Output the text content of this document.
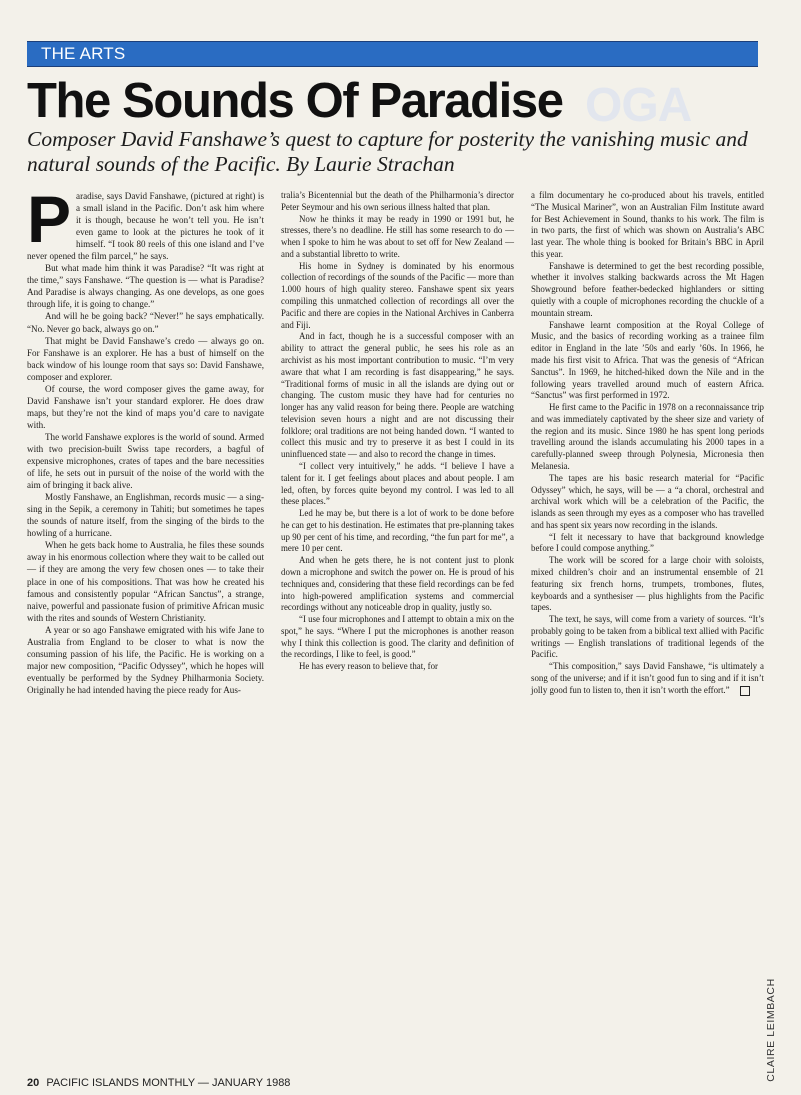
THE ARTS
OGA
The Sounds Of Paradise

Composer David Fanshawe’s quest to capture for posterity the vanishing music and natural sounds of the Pacific. By Laurie Strachan

Paradise, says David Fanshawe, (pictured at right) is a small island in the Pacific. Don’t ask him where it is though, because he won’t tell you. He isn’t even game to look at the pictures he took of it himself. “I took 80 reels of this one island and I’ve never opened the film parcel,” he says.

But what made him think it was Paradise? “It was right at the time,” says Fanshawe. “The question is — what is Paradise? And Paradise is always changing. As one develops, as one goes through life, it is going to change.”

And will he be going back? “Never!” he says emphatically. “No. Never go back, always go on.”

That might be David Fanshawe’s credo — always go on. For Fanshawe is an explorer. He has a bust of himself on the back window of his lounge room that says so: David Fanshawe, composer and explorer.

Of course, the word composer gives the game away, for David Fanshawe isn’t your standard explorer. He does draw maps, but they’re not the kind of maps you’d care to navigate with.

The world Fanshawe explores is the world of sound. Armed with two precision-built Swiss tape recorders, a bagful of expensive microphones, crates of tapes and the bare necessities of life, he sets out in pursuit of the noise of the world with the aim of bringing it back alive.

Mostly Fanshawe, an Englishman, records music — a sing-sing in the Sepik, a ceremony in Tahiti; but sometimes he tapes the sounds of nature itself, from the singing of the birds to the howling of a hurricane.

When he gets back home to Australia, he files these sounds away in his enormous collection where they wait to be called out — if they are among the very few chosen ones — to take their place in one of his compositions. That was how he created his famous and consistently popular “African Sanctus”, a strange, naive, powerful and passionate fusion of primitive African music with the rites and sounds of Western Christianity.

A year or so ago Fanshawe emigrated with his wife Jane to Australia from England to be closer to what is now the consuming passion of his life, the Pacific. He is working on a major new composition, “Pacific Odyssey”, which he hopes will eventually be performed by the Sydney Philharmonia Society. Originally he had intended having the piece ready for Aus-

tralia’s Bicentennial but the death of the Philharmonia’s director Peter Seymour and his own serious illness halted that plan.

Now he thinks it may be ready in 1990 or 1991 but, he stresses, there’s no deadline. He still has some research to do — when I spoke to him he was about to set off for New Zealand — and a substantial libretto to write.

His home in Sydney is dominated by his enormous collection of recordings of the sounds of the Pacific — more than 1.000 hours of high quality stereo. Fanshawe spent six years compiling this unmatched collection of recordings all over the Pacific and there are copies in the National Archives in Canberra and Fiji.

And in fact, though he is a successful composer with an ability to attract the general public, he sees his role as an archivist as his most important contribution to music. “I’m very aware that what I am recording is fast disappearing,” he says. “Traditional forms of music in all the islands are dying out or changing. The custom music they have had for centuries no longer has any valid reason for being there. People are watching television seven hours a night and are not discussing their folklore; oral traditions are not being handed down. “I wanted to collect this music and try to preserve it as best I could in its uninfluenced state — and also to record the change in times.

“I collect very intuitively,” he adds. “I believe I have a talent for it. I get feelings about places and about people. I am led, often, by forces quite beyond my control. I was led to all these places.”

Led he may be, but there is a lot of work to be done before he can get to his destination. He estimates that pre-planning takes up 90 per cent of his time, and recording, “the fun part for me”, a mere 10 per cent.

And when he gets there, he is not content just to plonk down a microphone and switch the power on. He is proud of his techniques and, considering that these field recordings can be fed into high-powered amplification systems and commercial recordings without any noticeable drop in quality, justly so.

“I use four microphones and I attempt to obtain a mix on the spot,” he says. “Where I put the microphones is another reason why I think this collection is good. The clarity and definition of the recordings, I like to feel, is good.”

He has every reason to believe that, for

a film documentary he co-produced about his travels, entitled “The Musical Mariner”, won an Australian Film Institute award for Best Achievement in Sound, thanks to his work. The film is in two parts, the first of which was shown on Australia’s ABC last year. The whole thing is booked for Britain’s BBC in April this year.

Fanshawe is determined to get the best recording possible, whether it involves stalking backwards across the Mt Hagen Showground before feather-bedecked highlanders or sitting quietly with a couple of microphones recording the chuckle of a mountain stream.

Fanshawe learnt composition at the Royal College of Music, and the basics of recording working as a trainee film editor in England in the late ’50s and early ’60s. In 1966, he made his first visit to Africa. That was the genesis of “African Sanctus”. In 1969, he hitched-hiked down the Nile and in the following years travelled around much of eastern Africa. “Sanctus” was first performed in 1972.

He first came to the Pacific in 1978 on a reconnaissance trip and was immediately captivated by the sheer size and variety of the region and its music. Since 1980 he has spent long periods travelling around the islands accumulating his 2000 tapes in a carefully-planned sweep through Polynesia, Micronesia then Melanesia.

The tapes are his basic research material for “Pacific Odyssey” which, he says, will be — a “a choral, orchestral and archival work which will be a celebration of the Pacific, the islands as seen through my eyes as a composer who has travelled and has spent six years now recording in the islands.

“I felt it necessary to have that background knowledge before I could compose anything.”

The work will be scored for a large choir with soloists, mixed children’s choir and an instrumental ensemble of 21 featuring six french horns, trumpets, trombones, flutes, keyboards and a synthesiser — plus highlights from the Pacific tapes.

The text, he says, will come from a variety of sources. “It’s probably going to be taken from a biblical text allied with Pacific writings — English translations of traditional legends of the Pacific.

“This composition,” says David Fanshawe, “is ultimately a song of the universe; and if it isn’t good fun to sing and if it isn’t jolly good fun to listen to, then it isn’t worth the effort.”

CLAIRE LEIMBACH
20 PACIFIC ISLANDS MONTHLY — JANUARY 1988
